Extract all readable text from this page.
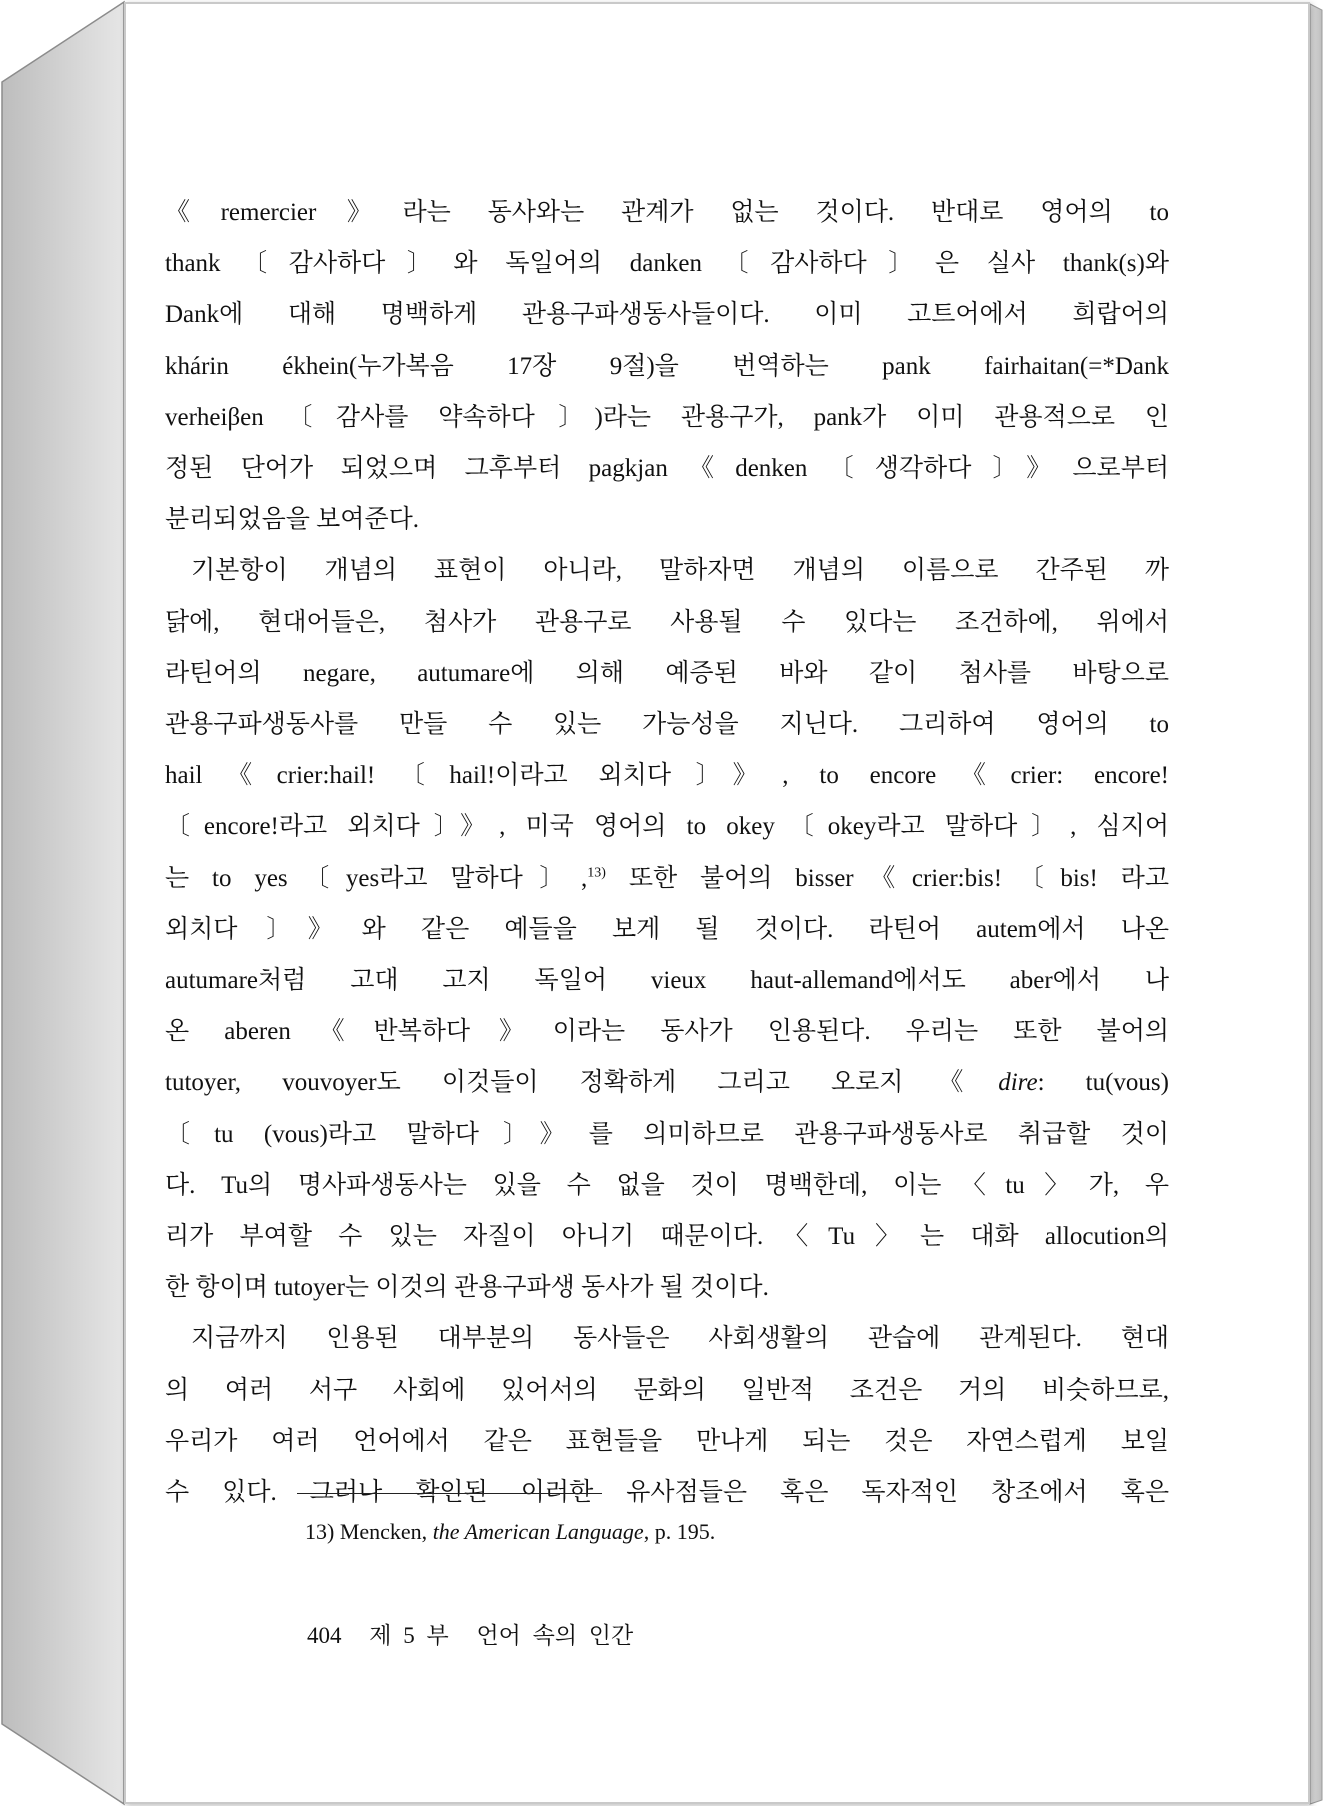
《remercier》라는 동사와는 관계가 없는 것이다. 반대로 영어의 to
thank〔감사하다〕와 독일어의 danken〔감사하다〕은 실사 thank(s)와
Dank에 대해 명백하게 관용구파생동사들이다. 이미 고트어에서 희랍어의
khárin ékhein(누가복음 17장 9절)을 번역하는 pank fairhaitan(=*Dank
verheiβen〔감사를 약속하다〕)라는 관용구가, pank가 이미 관용적으로 인
정된 단어가 되었으며 그후부터 pagkjan《denken〔생각하다〕》으로부터
분리되었음을 보여준다.
기본항이 개념의 표현이 아니라, 말하자면 개념의 이름으로 간주된 까
닭에, 현대어들은, 첨사가 관용구로 사용될 수 있다는 조건하에, 위에서
라틴어의 negare, autumare에 의해 예증된 바와 같이 첨사를 바탕으로
관용구파생동사를 만들 수 있는 가능성을 지닌다. 그리하여 영어의 to
hail《crier:hail!〔hail!이라고 외치다〕》, to encore《crier: encore!
〔encore!라고 외치다〕》, 미국 영어의 to okey〔okey라고 말하다〕, 심지어
는 to yes〔yes라고 말하다〕,$^{13)}$ 또한 불어의 bisser《crier:bis!〔bis! 라고
외치다〕》와 같은 예들을 보게 될 것이다. 라틴어 autem에서 나온
autumare처럼 고대 고지 독일어 vieux haut-allemand에서도 aber에서 나
온 aberen《반복하다》이라는 동사가 인용된다. 우리는 또한 불어의
tutoyer, vouvoyer도 이것들이 정확하게 그리고 오로지《dire: tu(vous)
〔tu (vous)라고 말하다〕》를 의미하므로 관용구파생동사로 취급할 것이
다. Tu의 명사파생동사는 있을 수 없을 것이 명백한데, 이는〈tu〉가, 우
리가 부여할 수 있는 자질이 아니기 때문이다.〈Tu〉는 대화 allocution의
한 항이며 tutoyer는 이것의 관용구파생 동사가 될 것이다.
지금까지 인용된 대부분의 동사들은 사회생활의 관습에 관계된다. 현대
의 여러 서구 사회에 있어서의 문화의 일반적 조건은 거의 비슷하므로,
우리가 여러 언어에서 같은 표현들을 만나게 되는 것은 자연스럽게 보일
수 있다. 그러나 확인된 이러한 유사점들은 혹은 독자적인 창조에서 혹은
13) Mencken, the American Language, p. 195.
404 제 5 부 언어 속의 인간
